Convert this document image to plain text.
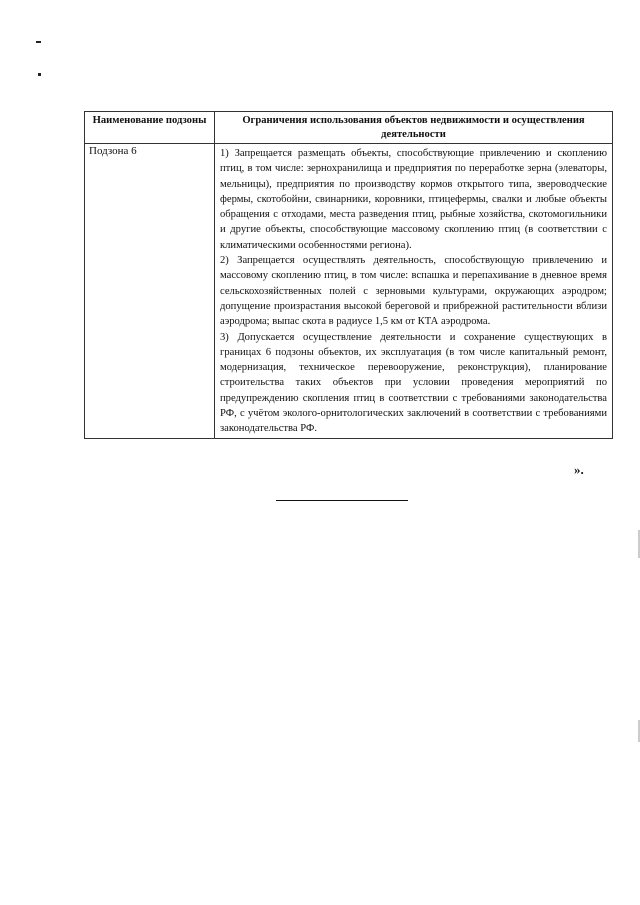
Наименование подзоны	Ограничения использования объектов недвижимости и осуществления деятельности
Подзона 6	1) Запрещается размещать объекты, способствующие привлечению и скоплению птиц, в том числе: зернохранилища и предприятия по переработке зерна (элеваторы, мельницы), предприятия по производству кормов открытого типа, звероводческие фермы, скотобойни, свинарники, коровники, птицефермы, свалки и любые объекты обращения с отходами, места разведения птиц, рыбные хозяйства, скотомогильники и другие объекты, способствующие массовому скоплению птиц (в соответствии с климатическими особенностями региона).

2) Запрещается осуществлять деятельность, способствующую привлечению и массовому скоплению птиц, в том числе: вспашка и перепахивание в дневное время сельскохозяйственных полей с зерновыми культурами, окружающих аэродром; допущение произрастания высокой береговой и прибрежной растительности вблизи аэродрома; выпас скота в радиусе 1,5 км от КТА аэродрома.

3) Допускается осуществление деятельности и сохранение существующих в границах 6 подзоны объектов, их эксплуатация (в том числе капитальный ремонт, модернизация, техническое перевооружение, реконструкция), планирование строительства таких объектов при условии проведения мероприятий по предупреждению скопления птиц в соответствии с требованиями законодательства РФ, с учётом эколого-орнитологических заключений в соответствии с требованиями законодательства РФ.

».
